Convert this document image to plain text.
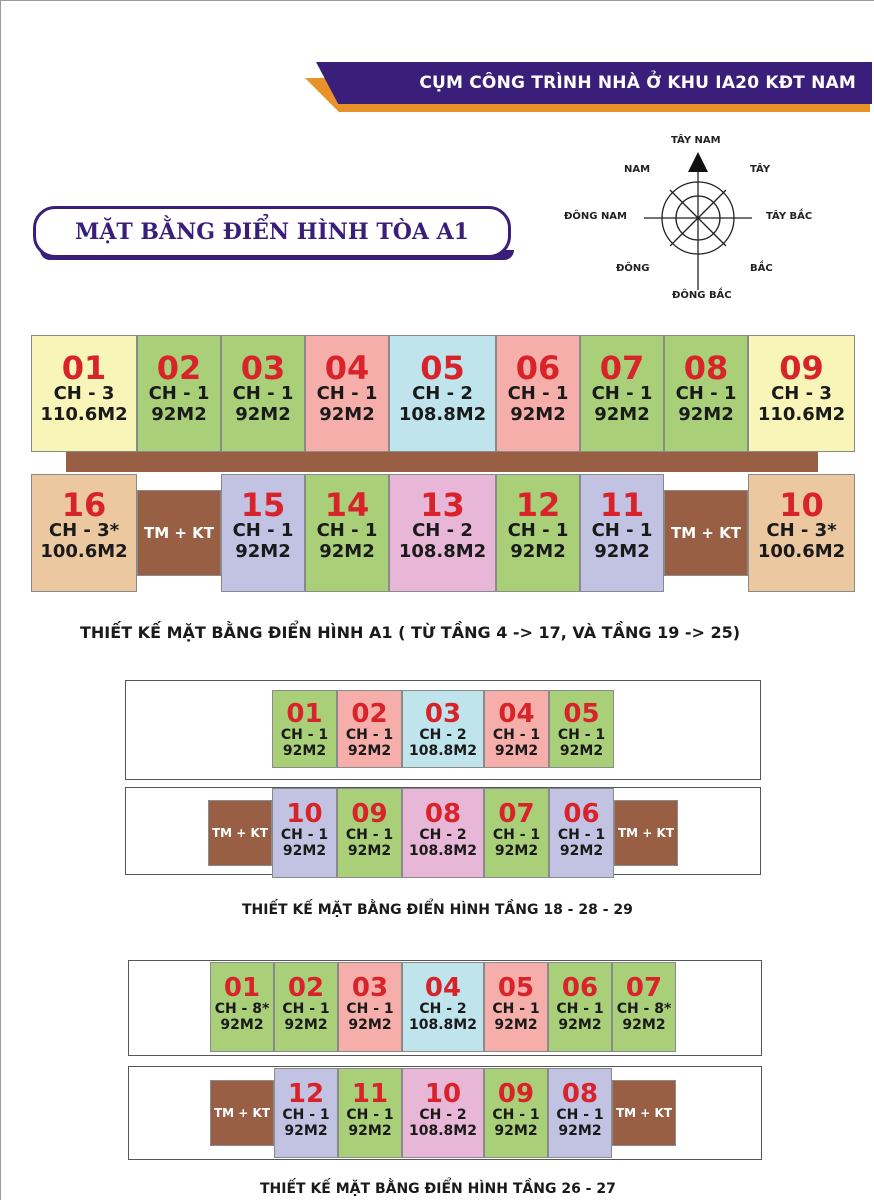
CỤM CÔNG TRÌNH NHÀ Ở KHU IA20 KĐT NAM THĂNG LONG
MẶT BẰNG ĐIỂN HÌNH TÒA A1
TÂY NAM
TÂY
TÂY BẮC
BẮC
ĐÔNG BẮC
ĐÔNG
ĐÔNG NAM
NAM
01
CH - 3
110.6M2
02
CH - 1
92M2
03
CH - 1
92M2
04
CH - 1
92M2
05
CH - 2
108.8M2
06
CH - 1
92M2
07
CH - 1
92M2
08
CH - 1
92M2
09
CH - 3
110.6M2
16
CH - 3*
100.6M2
TM + KT
15
CH - 1
92M2
14
CH - 1
92M2
13
CH - 2
108.8M2
12
CH - 1
92M2
11
CH - 1
92M2
TM + KT
10
CH - 3*
100.6M2
THIẾT KẾ MẶT BẰNG ĐIỂN HÌNH A1 ( TỪ TẦNG 4 -> 17, VÀ TẦNG 19 -> 25)
01
CH - 1
92M2
02
CH - 1
92M2
03
CH - 2
108.8M2
04
CH - 1
92M2
05
CH - 1
92M2
TM + KT
10
CH - 1
92M2
09
CH - 1
92M2
08
CH - 2
108.8M2
07
CH - 1
92M2
06
CH - 1
92M2
TM + KT
THIẾT KẾ MẶT BẰNG ĐIỂN HÌNH TẦNG 18 - 28 - 29
01
CH - 8*
92M2
02
CH - 1
92M2
03
CH - 1
92M2
04
CH - 2
108.8M2
05
CH - 1
92M2
06
CH - 1
92M2
07
CH - 8*
92M2
TM + KT
12
CH - 1
92M2
11
CH - 1
92M2
10
CH - 2
108.8M2
09
CH - 1
92M2
08
CH - 1
92M2
TM + KT
THIẾT KẾ MẶT BẰNG ĐIỂN HÌNH TẦNG 26 - 27
